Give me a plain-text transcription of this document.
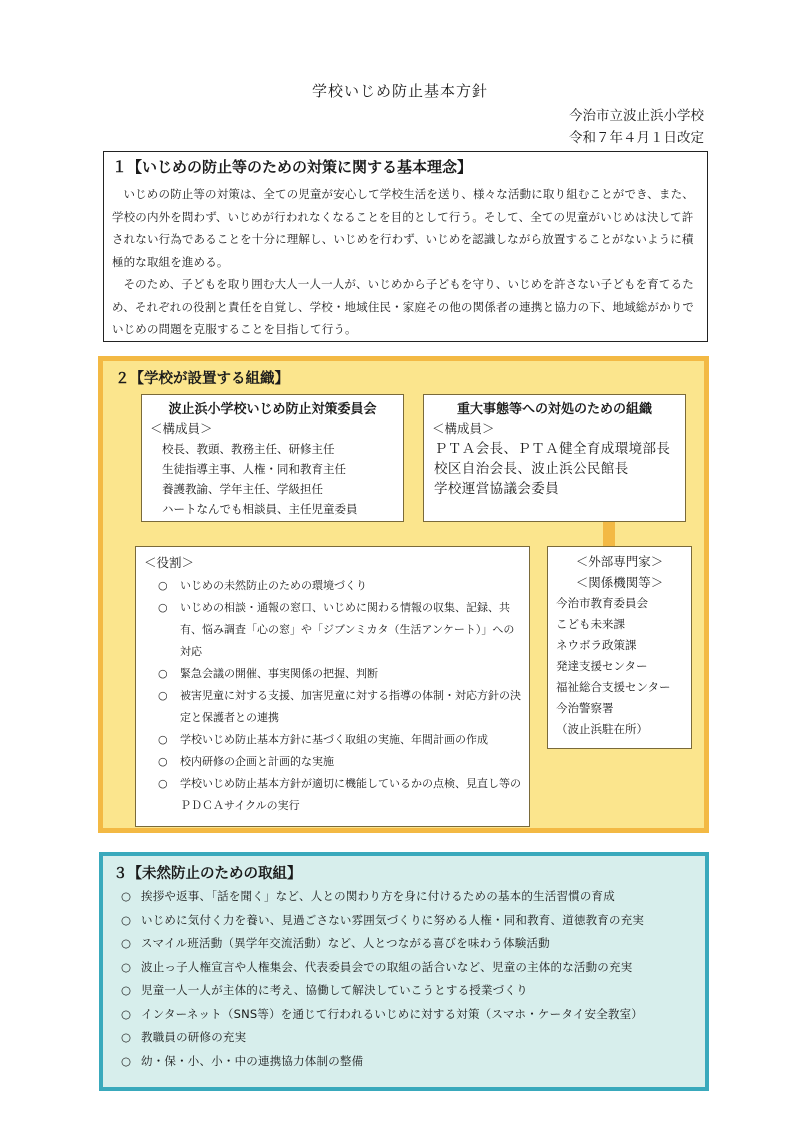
学校いじめ防止基本方針
今治市立波止浜小学校
令和７年４月１日改定
１【いじめの防止等のための対策に関する基本理念】

いじめの防止等の対策は、全ての児童が安心して学校生活を送り、様々な活動に取り組むことができ、また、学校の内外を問わず、いじめが行われなくなることを目的として行う。そして、全ての児童がいじめは決して許されない行為であることを十分に理解し、いじめを行わず、いじめを認識しながら放置することがないように積極的な取組を進める。

そのため、子どもを取り囲む大人一人一人が、いじめから子どもを守り、いじめを許さない子どもを育てるため、それぞれの役割と責任を自覚し、学校・地域住民・家庭その他の関係者の連携と協力の下、地域総がかりでいじめの問題を克服することを目指して行う。

２【学校が設置する組織】
波止浜小学校いじめ防止対策委員会
＜構成員＞
校長、教頭、教務主任、研修主任
生徒指導主事、人権・同和教育主任
養護教諭、学年主任、学級担任
ハートなんでも相談員、主任児童委員
重大事態等への対処のための組織
＜構成員＞
ＰＴＡ会長、ＰＴＡ健全育成環境部長
校区自治会長、波止浜公民館長
学校運営協議会委員
＜役割＞
○ いじめの未然防止のための環境づくり
○ いじめの相談・通報の窓口、いじめに関わる情報の収集、記録、共有、悩み調査「心の窓」や「ジブンミカタ（生活アンケート）」への対応
○ 緊急会議の開催、事実関係の把握、判断
○ 被害児童に対する支援、加害児童に対する指導の体制・対応方針の決定と保護者との連携
○ 学校いじめ防止基本方針に基づく取組の実施、年間計画の作成
○ 校内研修の企画と計画的な実施
○ 学校いじめ防止基本方針が適切に機能しているかの点検、見直し等のＰＤＣＡサイクルの実行
＜外部専門家＞
＜関係機関等＞
今治市教育委員会
こども未来課
ネウボラ政策課
発達支援センター
福祉総合支援センター
今治警察署
（波止浜駐在所）
３【未然防止のための取組】
○ 挨拶や返事、「話を聞く」など、人との関わり方を身に付けるための基本的生活習慣の育成
○ いじめに気付く力を養い、見過ごさない雰囲気づくりに努める人権・同和教育、道徳教育の充実
○ スマイル班活動（異学年交流活動）など、人とつながる喜びを味わう体験活動
○ 波止っ子人権宣言や人権集会、代表委員会での取組の話合いなど、児童の主体的な活動の充実
○ 児童一人一人が主体的に考え、協働して解決していこうとする授業づくり
○ インターネット（SNS等）を通じて行われるいじめに対する対策（スマホ・ケータイ安全教室）
○ 教職員の研修の充実
○ 幼・保・小、小・中の連携協力体制の整備
